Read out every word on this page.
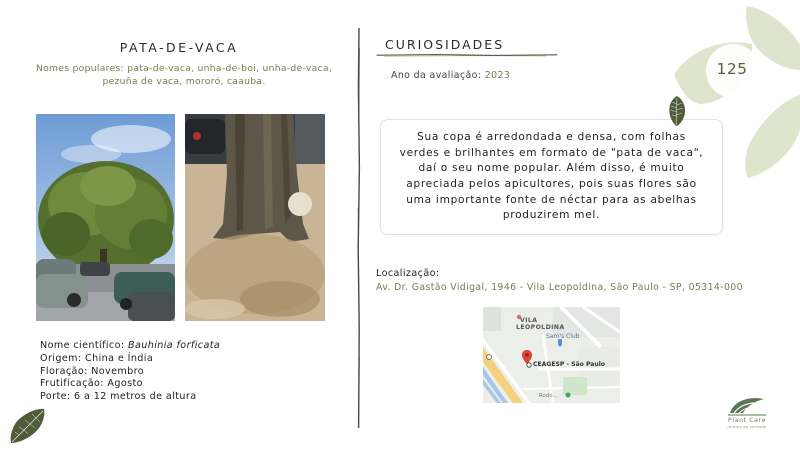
PATA-DE-VACA
Nomes populares: pata-de-vaca, unha-de-boi, unha-de-vaca, pezuña de vaca, mororó, caauba.
Nome científico: Bauhinia forficata
Origem: China e Índia
Floração: Novembro
Frutificação: Agosto
Porte: 6 a 12 metros de altura
CURIOSIDADES
Ano da avaliação: 2023

Sua copa é arredondada e densa, com folhas verdes e brilhantes em formato de "pata de vaca", daí o seu nome popular. Além disso, é muito apreciada pelos apicultores, pois suas flores são uma importante fonte de néctar para as abelhas produzirem mel.

Localização:
Av. Dr. Gastão Vidigal, 1946 - Vila Leopoldina, São Paulo - SP, 05314-000
VILA
LEOPOLDINA
Sam's Club
CEAGESP - São Paulo
Rodo...
125
Plant Care
jardins de verdade
